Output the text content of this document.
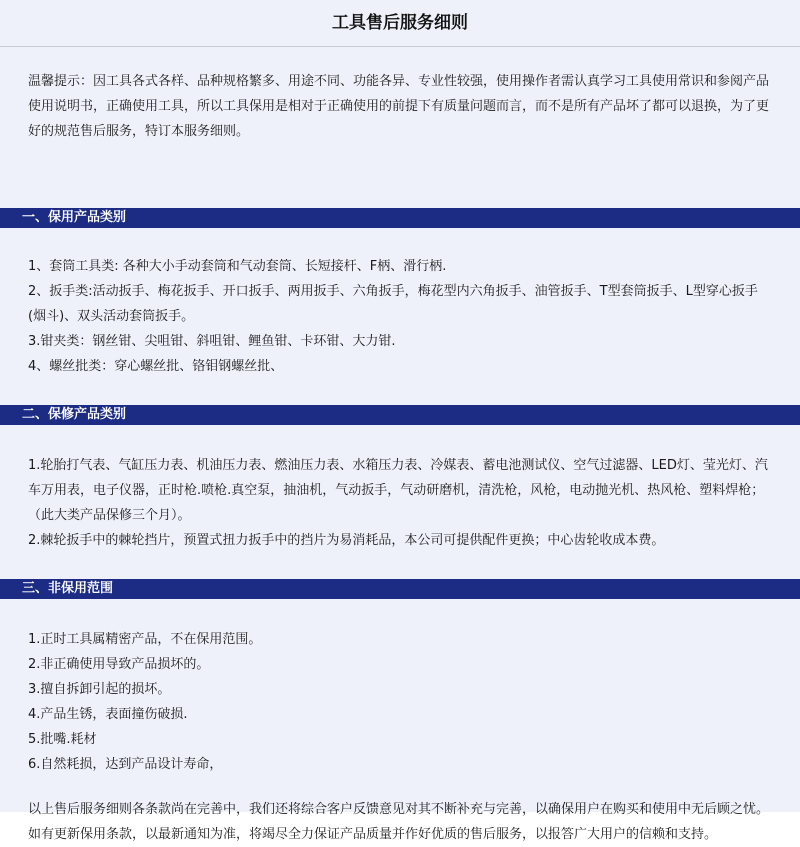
工具售后服务细则
温馨提示：因工具各式各样、品种规格繁多、用途不同、功能各异、专业性较强，使用操作者需认真学习工具使用常识和参阅产品使用说明书，正确使用工具，所以工具保用是相对于正确使用的前提下有质量问题而言，而不是所有产品坏了都可以退换，为了更好的规范售后服务，特订本服务细则。
一、保用产品类别

1、套筒工具类: 各种大小手动套筒和气动套筒、长短接杆、F柄、滑行柄.

2、扳手类:活动扳手、梅花扳手、开口扳手、两用扳手、六角扳手，梅花型内六角扳手、油管扳手、T型套筒扳手、L型穿心扳手(烟斗)、双头活动套筒扳手。

3.钳夹类：钢丝钳、尖咀钳、斜咀钳、鲤鱼钳、卡环钳、大力钳.

4、螺丝批类：穿心螺丝批、铬钼钢螺丝批、

二、保修产品类别

1.轮胎打气表、气缸压力表、机油压力表、燃油压力表、水箱压力表、冷媒表、蓄电池测试仪、空气过滤器、LED灯、莹光灯、汽车万用表，电子仪器，正时枪.喷枪.真空泵，抽油机，气动扳手，气动研磨机，清洗枪，风枪，电动抛光机、热风枪、塑料焊枪；（此大类产品保修三个月）。

2.棘轮扳手中的棘轮挡片，预置式扭力扳手中的挡片为易消耗品，本公司可提供配件更换；中心齿轮收成本费。

三、非保用范围

1.正时工具属精密产品，不在保用范围。

2.非正确使用导致产品损坏的。

3.擅自拆卸引起的损坏。

4.产品生锈，表面撞伤破损.

5.批嘴.耗材

6.自然耗损，达到产品设计寿命，

以上售后服务细则各条款尚在完善中，我们还将综合客户反馈意见对其不断补充与完善，以确保用户在购买和使用中无后顾之忧。如有更新保用条款，以最新通知为准，将竭尽全力保证产品质量并作好优质的售后服务，以报答广大用户的信赖和支持。
